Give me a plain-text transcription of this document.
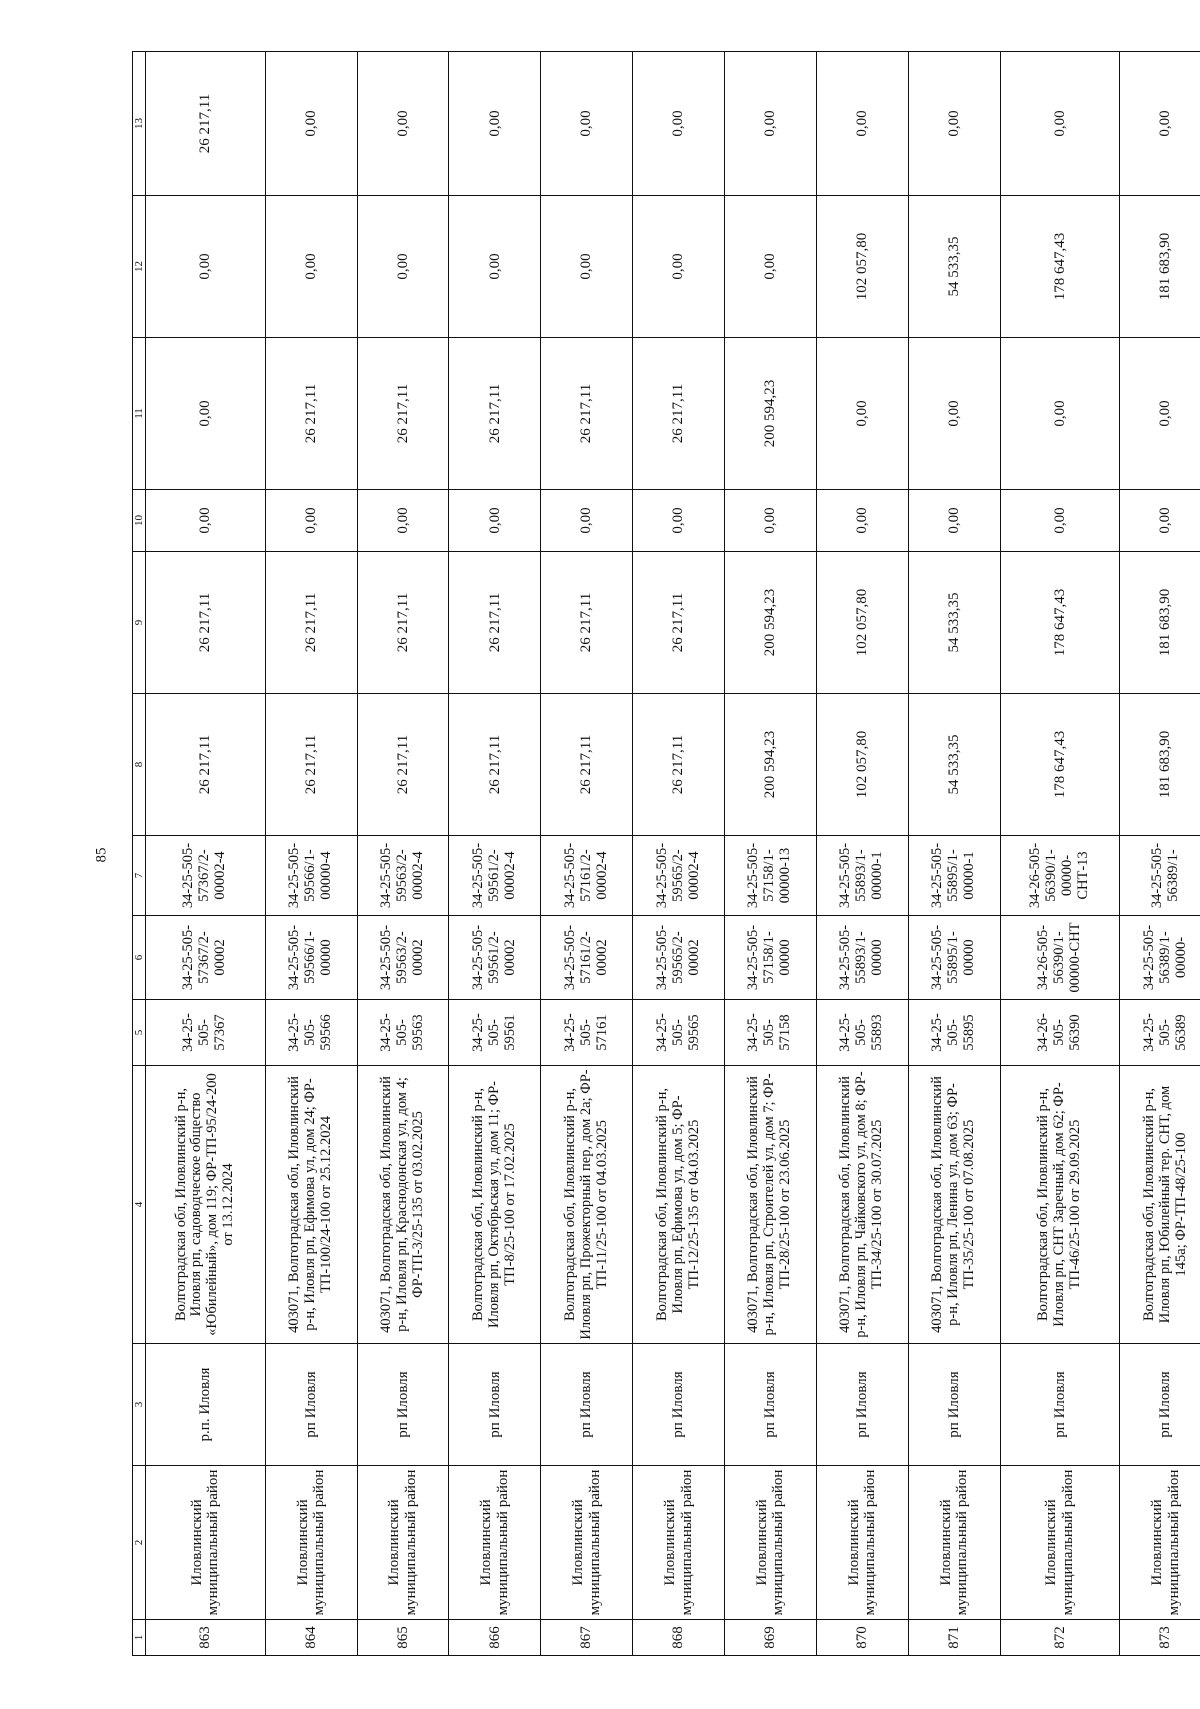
85
1	2	3	4	5	6	7	8	9	10	11	12	13
863	Иловлинский муниципальный район	р.п. Иловля	Волгоградская обл, Иловлинский р-н, Иловля рп, садоводческое общество «Юбилейный», дом 119; ФР-ТП-95/24-200 от 13.12.2024	34-25-505-57367	34-25-505-57367/2-00002	34-25-505-57367/2-00002-4	26 217,11	26 217,11	0,00	0,00	0,00	26 217,11
864	Иловлинский муниципальный район	рп Иловля	403071, Волгоградская обл, Иловлинский р-н, Иловля рп, Ефимова ул, дом 24; ФР-ТП-100/24-100 от 25.12.2024	34-25-505-59566	34-25-505-59566/1-00000	34-25-505-59566/1-00000-4	26 217,11	26 217,11	0,00	26 217,11	0,00	0,00
865	Иловлинский муниципальный район	рп Иловля	403071, Волгоградская обл, Иловлинский р-н, Иловля рп, Краснодонская ул, дом 4; ФР-ТП-3/25-135 от 03.02.2025	34-25-505-59563	34-25-505-59563/2-00002	34-25-505-59563/2-00002-4	26 217,11	26 217,11	0,00	26 217,11	0,00	0,00
866	Иловлинский муниципальный район	рп Иловля	Волгоградская обл, Иловлинский р-н, Иловля рп, Октябрьская ул, дом 11; ФР-ТП-8/25-100 от 17.02.2025	34-25-505-59561	34-25-505-59561/2-00002	34-25-505-59561/2-00002-4	26 217,11	26 217,11	0,00	26 217,11	0,00	0,00
867	Иловлинский муниципальный район	рп Иловля	Волгоградская обл, Иловлинский р-н, Иловля рп, Прожекторный пер, дом 2а; ФР-ТП-11/25-100 от 04.03.2025	34-25-505-57161	34-25-505-57161/2-00002	34-25-505-57161/2-00002-4	26 217,11	26 217,11	0,00	26 217,11	0,00	0,00
868	Иловлинский муниципальный район	рп Иловля	Волгоградская обл, Иловлинский р-н, Иловля рп, Ефимова ул, дом 5; ФР-ТП-12/25-135 от 04.03.2025	34-25-505-59565	34-25-505-59565/2-00002	34-25-505-59565/2-00002-4	26 217,11	26 217,11	0,00	26 217,11	0,00	0,00
869	Иловлинский муниципальный район	рп Иловля	403071, Волгоградская обл, Иловлинский р-н, Иловля рп, Строителей ул, дом 7; ФР-ТП-28/25-100 от 23.06.2025	34-25-505-57158	34-25-505-57158/1-00000	34-25-505-57158/1-00000-13	200 594,23	200 594,23	0,00	200 594,23	0,00	0,00
870	Иловлинский муниципальный район	рп Иловля	403071, Волгоградская обл, Иловлинский р-н, Иловля рп, Чайковского ул, дом 8; ФР-ТП-34/25-100 от 30.07.2025	34-25-505-55893	34-25-505-55893/1-00000	34-25-505-55893/1-00000-1	102 057,80	102 057,80	0,00	0,00	102 057,80	0,00
871	Иловлинский муниципальный район	рп Иловля	403071, Волгоградская обл, Иловлинский р-н, Иловля рп, Ленина ул, дом 63; ФР-ТП-35/25-100 от 07.08.2025	34-25-505-55895	34-25-505-55895/1-00000	34-25-505-55895/1-00000-1	54 533,35	54 533,35	0,00	0,00	54 533,35	0,00
872	Иловлинский муниципальный район	рп Иловля	Волгоградская обл, Иловлинский р-н, Иловля рп, СНТ Заречный, дом 62; ФР-ТП-46/25-100 от 29.09.2025	34-26-505-56390	34-26-505-56390/1-00000-СНТ	34-26-505-56390/1-00000-СНТ-13	178 647,43	178 647,43	0,00	0,00	178 647,43	0,00
873	Иловлинский муниципальный район	рп Иловля	Волгоградская обл, Иловлинский р-н, Иловля рп, Юбилейный тер. СНТ, дом 145а; ФР-ТП-48/25-100	34-25-505-56389	34-25-505-56389/1-00000-	34-25-505-56389/1-	181 683,90	181 683,90	0,00	0,00	181 683,90	0,00
